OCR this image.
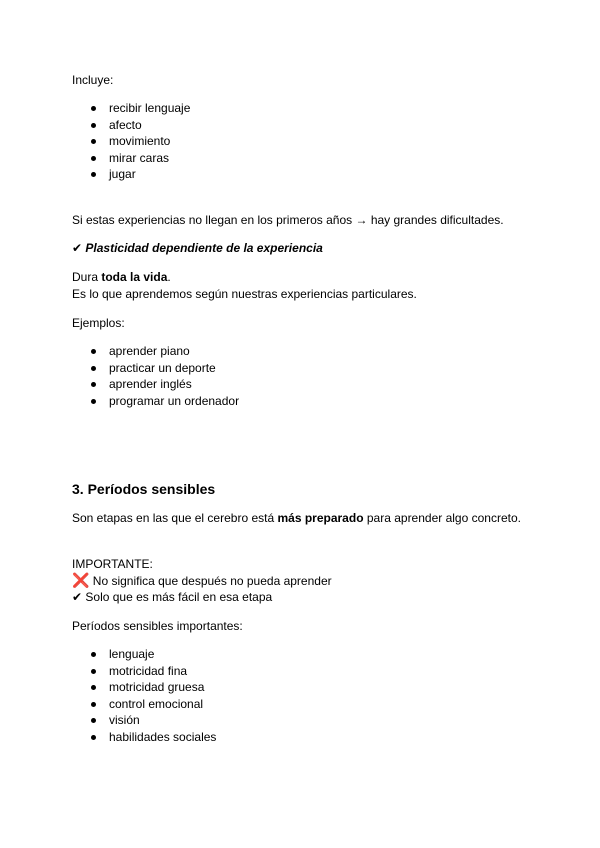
Incluye:

recibir lenguaje
afecto
movimiento
mirar caras
jugar

Si estas experiencias no llegan en los primeros años → hay grandes dificultades.

✔ Plasticidad dependiente de la experiencia

Dura toda la vida.

Es lo que aprendemos según nuestras experiencias particulares.

Ejemplos:

aprender piano
practicar un deporte
aprender inglés
programar un ordenador
3. Períodos sensibles

Son etapas en las que el cerebro está más preparado para aprender algo concreto.

IMPORTANTE:

❌ No significa que después no pueda aprender

✔ Solo que es más fácil en esa etapa

Períodos sensibles importantes:

lenguaje
motricidad fina
motricidad gruesa
control emocional
visión
habilidades sociales
